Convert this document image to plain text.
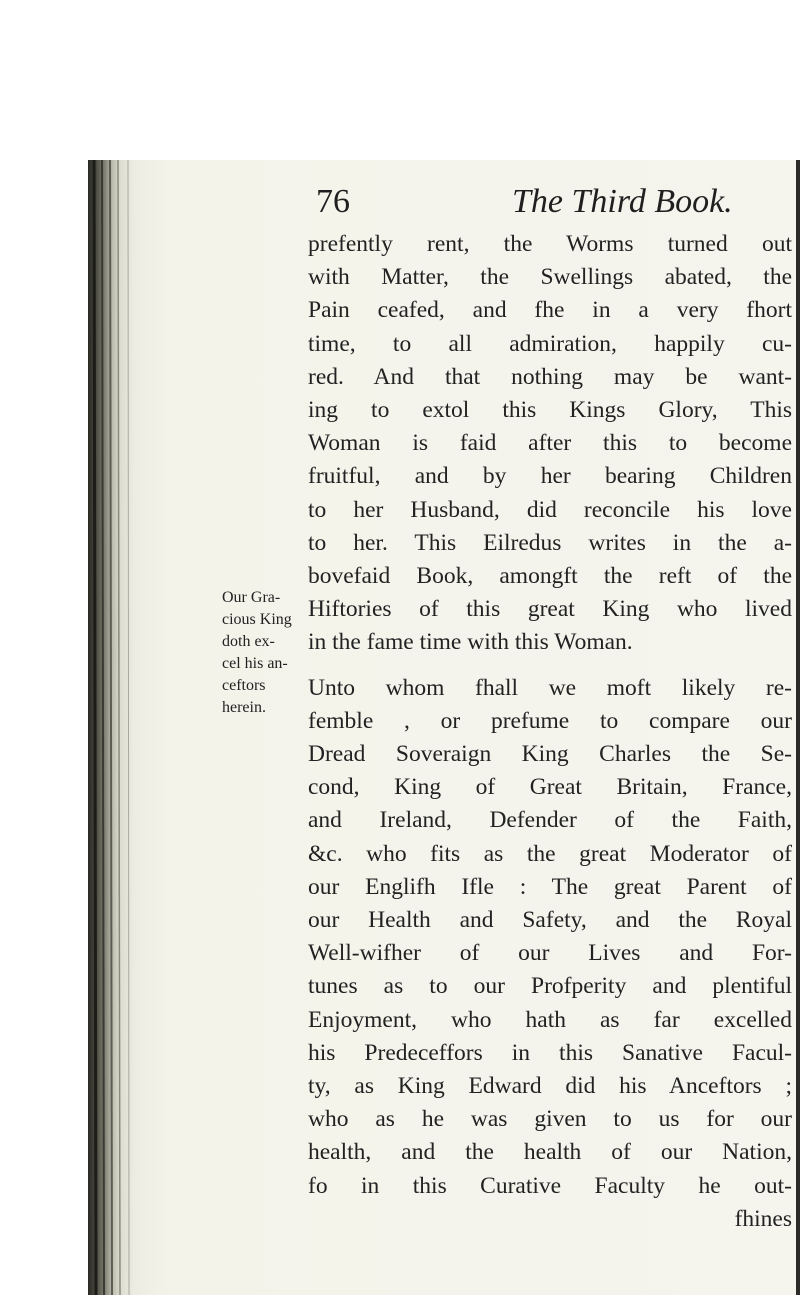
76	The Third Book.
Our Gra-
cious King
doth ex-
cel his an-
ceftors
herein.
prefently rent, the Worms turned out
with Matter, the Swellings abated, the
Pain ceafed, and fhe in a very fhort
time, to all admiration, happily cu-
red. And that nothing may be want-
ing to extol this Kings Glory, This
Woman is faid after this to become
fruitful, and by her bearing Children
to her Husband, did reconcile his love
to her. This Eilredus writes in the a-
bovefaid Book, amongft the reft of the
Hiftories of this great King who lived
in the fame time with this Woman.
Unto whom fhall we moft likely re-
femble , or prefume to compare our
Dread Soveraign King Charles the Se-
cond, King of Great Britain, France,
and Ireland, Defender of the Faith,
&c. who fits as the great Moderator of
our Englifh Ifle : The great Parent of
our Health and Safety, and the Royal
Well-wifher of our Lives and For-
tunes as to our Profperity and plentiful
Enjoyment, who hath as far excelled
his Predeceffors in this Sanative Facul-
ty, as King Edward did his Anceftors ;
who as he was given to us for our
health, and the health of our Nation,
fo in this Curative Faculty he out-
fhines
